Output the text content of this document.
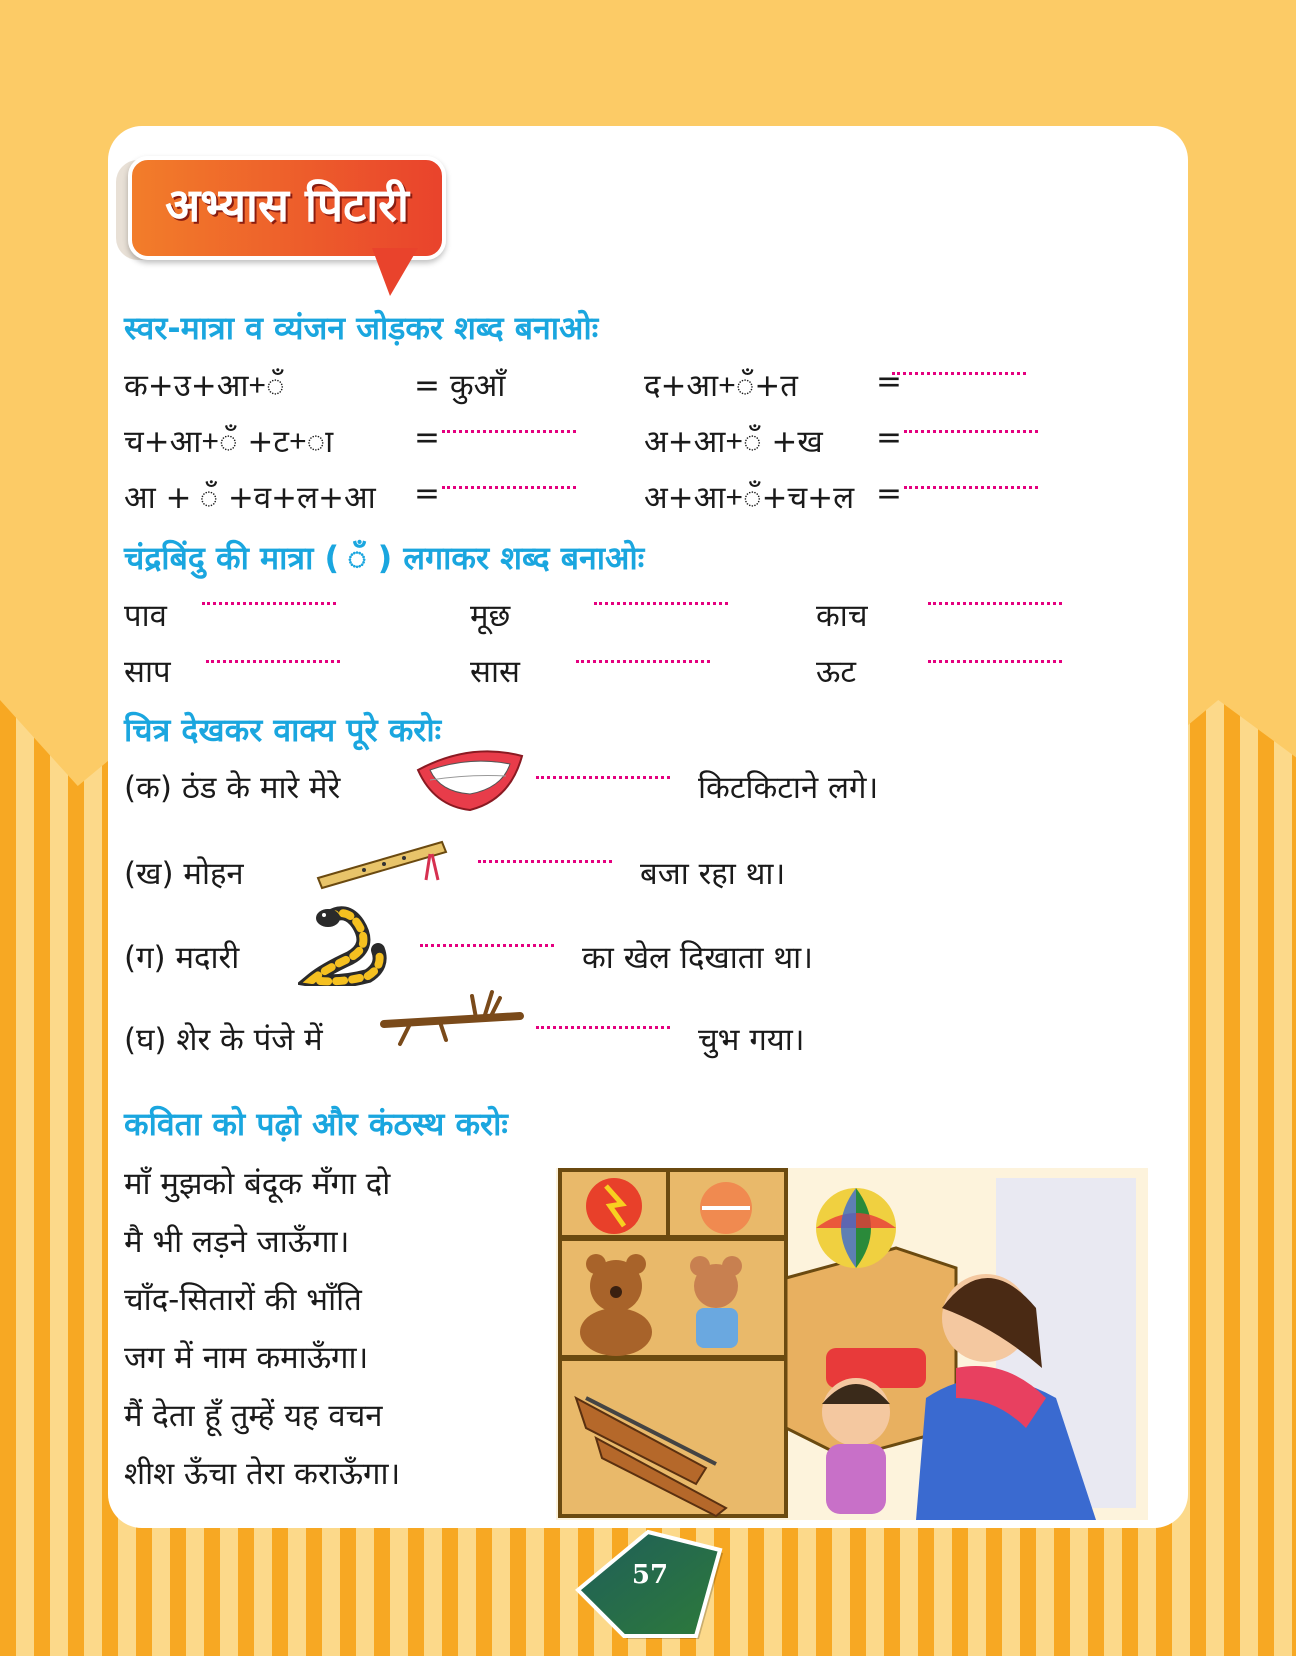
अभ्यास पिटारी
स्वर-मात्रा व व्यंजन जोड़कर शब्द बनाओः
क+उ+आ+ँ	= कुआँ	द+आ+ँ+त	=
च+आ+ँ +ट+ा	=	अ+आ+ँ +ख =
आ + ँ +व+ल+आ =	अ+आ+ँ+च+ल =
चंद्रबिंदु की मात्रा ( ँ ) लगाकर शब्द बनाओः
पाव	मूछ	काच
साप	सास	ऊट
चित्र देखकर वाक्य पूरे करोः
(क) ठंड के मारे मेरे	किटकिटाने लगे।
(ख) मोहन	बजा रहा था।
(ग) मदारी	का खेल दिखाता था।
(घ) शेर के पंजे में	चुभ गया।
कविता को पढ़ो और कंठस्थ करोः
माँ मुझको बंदूक मँगा दो
मै भी लड़ने जाऊँगा।
चाँद-सितारों की भाँति
जग में नाम कमाऊँगा।
मैं देता हूँ तुम्हें यह वचन
शीश ऊँचा तेरा कराऊँगा।
57
